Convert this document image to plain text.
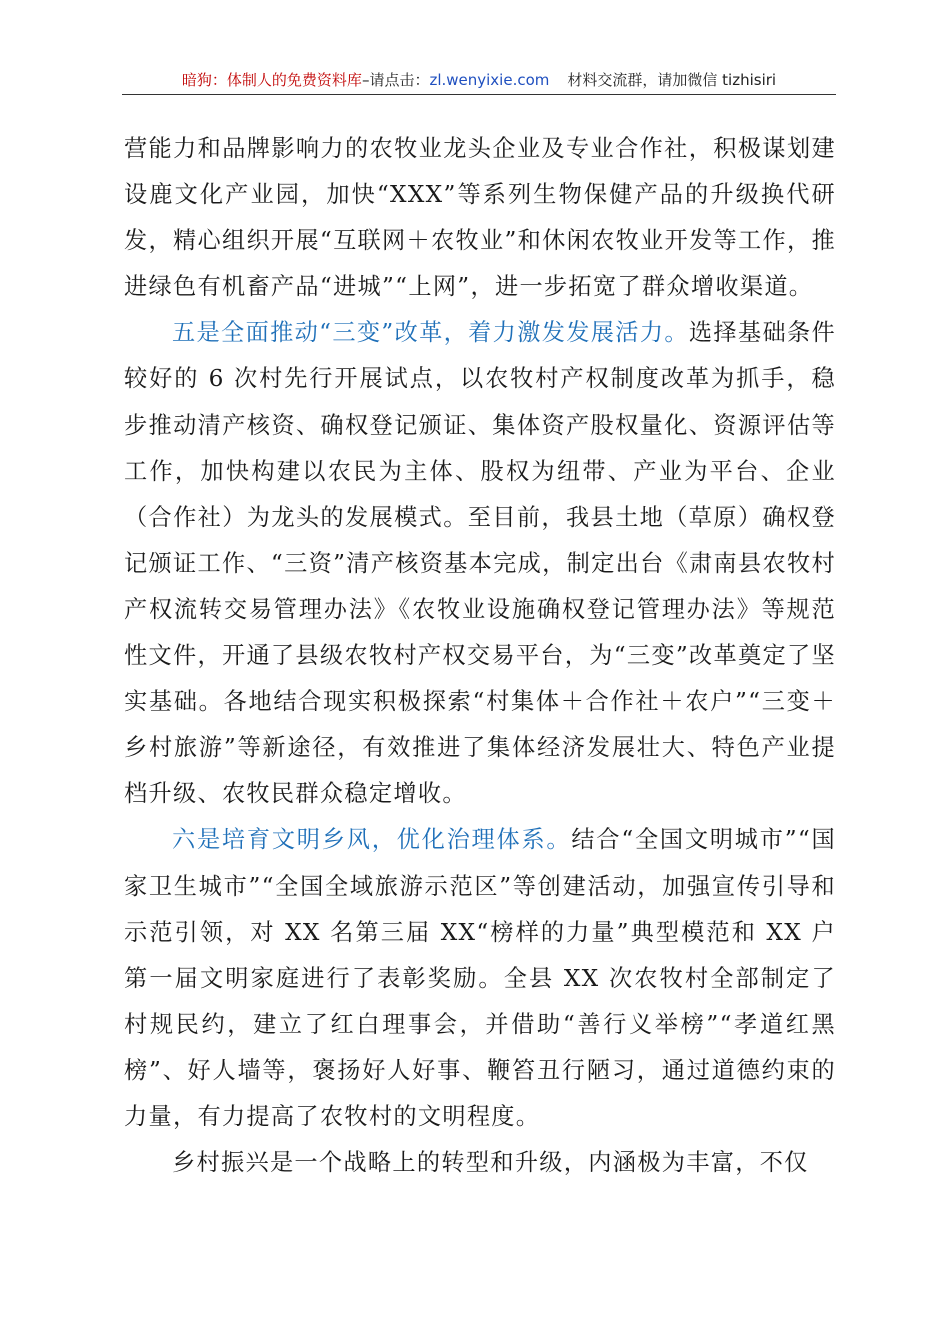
暗狗：体制人的免费资料库–请点击：zl.wenyixie.com 材料交流群，请加微信 tizhisiri

营能力和品牌影响力的农牧业龙头企业及专业合作社，积极谋划建设鹿文化产业园，加快“XXX”等系列生物保健产品的升级换代研发，精心组织开展“互联网＋农牧业”和休闲农牧业开发等工作，推进绿色有机畜产品“进城”“上网”，进一步拓宽了群众增收渠道。

五是全面推动“三变”改革，着力激发发展活力。选择基础条件较好的 6 次村先行开展试点，以农牧村产权制度改革为抓手，稳步推动清产核资、确权登记颁证、集体资产股权量化、资源评估等工作，加快构建以农民为主体、股权为纽带、产业为平台、企业（合作社）为龙头的发展模式。至目前，我县土地（草原）确权登记颁证工作、“三资”清产核资基本完成，制定出台《肃南县农牧村产权流转交易管理办法》《农牧业设施确权登记管理办法》等规范性文件，开通了县级农牧村产权交易平台，为“三变”改革奠定了坚实基础。各地结合现实积极探索“村集体＋合作社＋农户”“三变＋乡村旅游”等新途径，有效推进了集体经济发展壮大、特色产业提档升级、农牧民群众稳定增收。

六是培育文明乡风，优化治理体系。结合“全国文明城市”“国家卫生城市”“全国全域旅游示范区”等创建活动，加强宣传引导和示范引领，对 XX 名第三届 XX“榜样的力量”典型模范和 XX 户第一届文明家庭进行了表彰奖励。全县 XX 次农牧村全部制定了村规民约，建立了红白理事会，并借助“善行义举榜”“孝道红黑榜”、好人墙等，褒扬好人好事、鞭笞丑行陋习，通过道德约束的力量，有力提高了农牧村的文明程度。

乡村振兴是一个战略上的转型和升级，内涵极为丰富，不仅
